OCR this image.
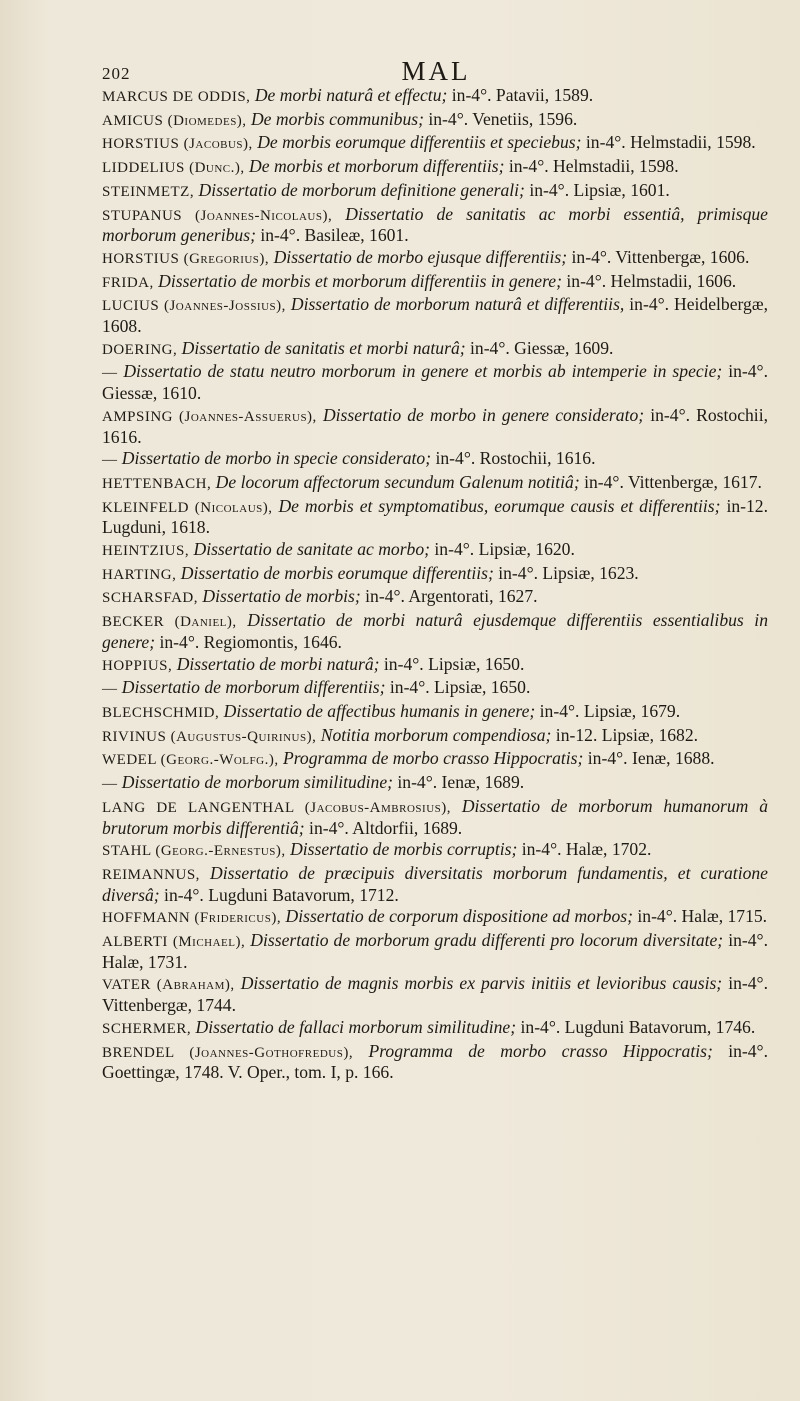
202	MAL

MARCUS DE ODDIS, De morbi naturâ et effectu; in-4°. Patavii, 1589.

AMICUS (Diomedes), De morbis communibus; in-4°. Venetiis, 1596.

HORSTIUS (Jacobus), De morbis eorumque differentiis et speciebus; in-4°. Helmstadii, 1598.

LIDDELIUS (Dunc.), De morbis et morborum differentiis; in-4°. Helmstadii, 1598.

STEINMETZ, Dissertatio de morborum definitione generali; in-4°. Lipsiæ, 1601.

STUPANUS (Joannes-Nicolaus), Dissertatio de sanitatis ac morbi essentiâ, primisque morborum generibus; in-4°. Basileæ, 1601.

HORSTIUS (Gregorius), Dissertatio de morbo ejusque differentiis; in-4°. Vittenbergæ, 1606.

FRIDA, Dissertatio de morbis et morborum differentiis in genere; in-4°. Helmstadii, 1606.

LUCIUS (Joannes-Jossius), Dissertatio de morborum naturâ et differentiis, in-4°. Heidelbergæ, 1608.

DOERING, Dissertatio de sanitatis et morbi naturâ; in-4°. Giessæ, 1609.

— Dissertatio de statu neutro morborum in genere et morbis ab intemperie in specie; in-4°. Giessæ, 1610.

AMPSING (Joannes-Assuerus), Dissertatio de morbo in genere considerato; in-4°. Rostochii, 1616.

— Dissertatio de morbo in specie considerato; in-4°. Rostochii, 1616.

HETTENBACH, De locorum affectorum secundum Galenum notitiâ; in-4°. Vittenbergæ, 1617.

KLEINFELD (Nicolaus), De morbis et symptomatibus, eorumque causis et differentiis; in-12. Lugduni, 1618.

HEINTZIUS, Dissertatio de sanitate ac morbo; in-4°. Lipsiæ, 1620.

HARTING, Dissertatio de morbis eorumque differentiis; in-4°. Lipsiæ, 1623.

SCHARSFAD, Dissertatio de morbis; in-4°. Argentorati, 1627.

BECKER (Daniel), Dissertatio de morbi naturâ ejusdemque differentiis essentialibus in genere; in-4°. Regiomontis, 1646.

HOPPIUS, Dissertatio de morbi naturâ; in-4°. Lipsiæ, 1650.

— Dissertatio de morborum differentiis; in-4°. Lipsiæ, 1650.

BLECHSCHMID, Dissertatio de affectibus humanis in genere; in-4°. Lipsiæ, 1679.

RIVINUS (Augustus-Quirinus), Notitia morborum compendiosa; in-12. Lipsiæ, 1682.

WEDEL (Georg.-Wolfg.), Programma de morbo crasso Hippocratis; in-4°. Ienæ, 1688.

— Dissertatio de morborum similitudine; in-4°. Ienæ, 1689.

LANG DE LANGENTHAL (Jacobus-Ambrosius), Dissertatio de morborum humanorum à brutorum morbis differentiâ; in-4°. Altdorfii, 1689.

STAHL (Georg.-Ernestus), Dissertatio de morbis corruptis; in-4°. Halæ, 1702.

REIMANNUS, Dissertatio de præcipuis diversitatis morborum fundamentis, et curatione diversâ; in-4°. Lugduni Batavorum, 1712.

HOFFMANN (Fridericus), Dissertatio de corporum dispositione ad morbos; in-4°. Halæ, 1715.

ALBERTI (Michael), Dissertatio de morborum gradu differenti pro locorum diversitate; in-4°. Halæ, 1731.

VATER (Abraham), Dissertatio de magnis morbis ex parvis initiis et levioribus causis; in-4°. Vittenbergæ, 1744.

SCHERMER, Dissertatio de fallaci morborum similitudine; in-4°. Lugduni Batavorum, 1746.

BRENDEL (Joannes-Gothofredus), Programma de morbo crasso Hippocratis; in-4°. Goettingæ, 1748. V. Oper., tom. I, p. 166.
